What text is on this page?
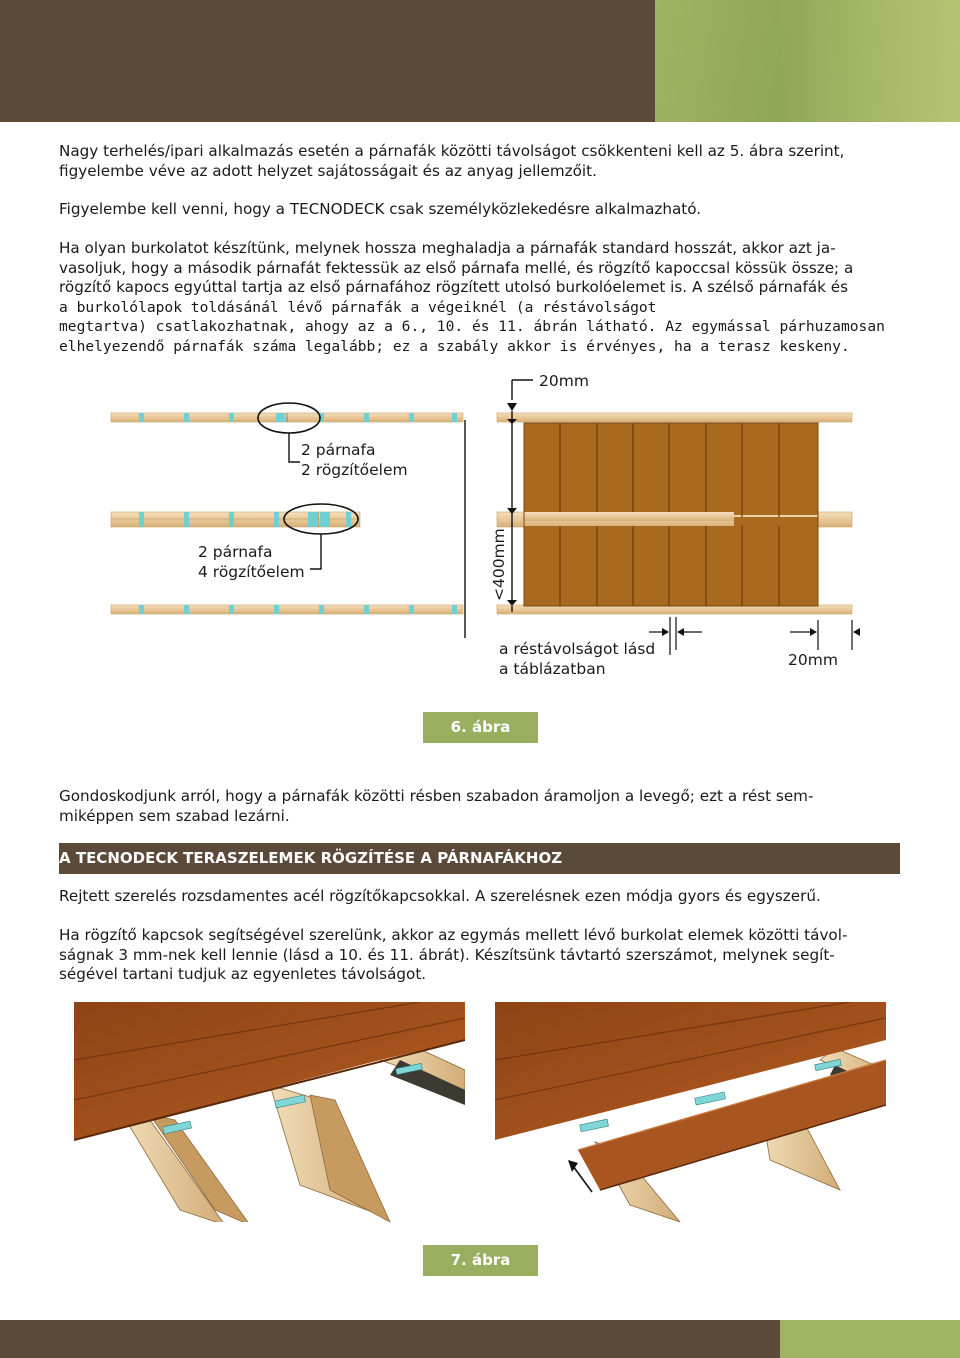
Nagy terhelés/ipari alkalmazás esetén a párnafák közötti távolságot csökkenteni kell az 5. ábra szerint,
figyelembe véve az adott helyzet sajátosságait és az anyag jellemzőit.
Figyelembe kell venni, hogy a TECNODECK csak személyközlekedésre alkalmazható.
Ha olyan burkolatot készítünk, melynek hossza meghaladja a párnafák standard hosszát, akkor azt ja-
vasoljuk, hogy a második párnafát fektessük az első párnafa mellé, és rögzítő kapoccsal kössük össze; a
rögzítő kapocs egyúttal tartja az első párnafához rögzített utolsó burkolóelemet is. A szélső párnafák és
a burkolólapok toldásánál lévő párnafák a végeiknél (a réstávolságot
megtartva) csatlakozhatnak, ahogy az a 6., 10. és 11. ábrán látható. Az egymással párhuzamosan
elhelyezendő párnafák száma legalább; ez a szabály akkor is érvényes, ha a terasz keskeny.
2 párnafa
2 rögzítőelem
2 párnafa
4 rögzítőelem
20mm
<400mm
a réstávolságot lásd
a táblázatban	20mm
6. ábra
Gondoskodjunk arról, hogy a párnafák közötti résben szabadon áramoljon a levegő; ezt a rést sem-
miképpen sem szabad lezárni.
A TECNODECK TERASZELEMEK RÖGZÍTÉSE A PÁRNAFÁKHOZ
Rejtett szerelés rozsdamentes acél rögzítőkapcsokkal. A szerelésnek ezen módja gyors és egyszerű.
Ha rögzítő kapcsok segítségével szerelünk, akkor az egymás mellett lévő burkolat elemek közötti távol-
ságnak 3 mm-nek kell lennie (lásd a 10. és 11. ábrát). Készítsünk távtartó szerszámot, melynek segít-
ségével tartani tudjuk az egyenletes távolságot.
7. ábra
